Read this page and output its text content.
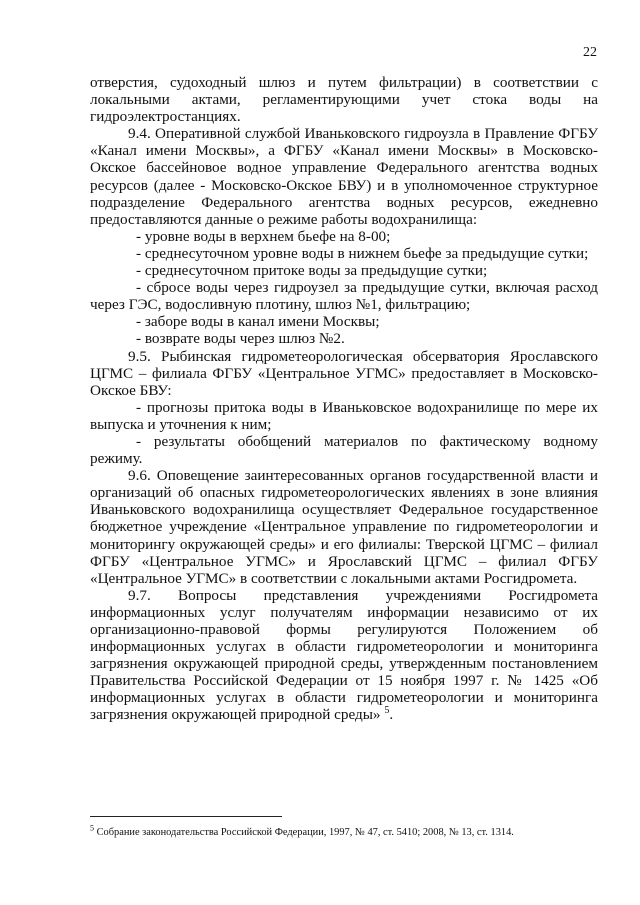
22

отверстия, судоходный шлюз и путем фильтрации) в соответствии с локальными актами, регламентирующими учет стока воды на гидроэлектростанциях.

9.4. Оперативной службой Иваньковского гидроузла в Правление ФГБУ «Канал имени Москвы», а ФГБУ «Канал имени Москвы» в Московско-Окское бассейновое водное управление Федерального агентства водных ресурсов (далее - Московско-Окское БВУ) и в уполномоченное структурное подразделение Федерального агентства водных ресурсов, ежедневно предоставляются данные о режиме работы водохранилища:

- уровне воды в верхнем бьефе на 8-00;

- среднесуточном уровне воды в нижнем бьефе за предыдущие сутки;

- среднесуточном притоке воды за предыдущие сутки;

- сбросе воды через гидроузел за предыдущие сутки, включая расход через ГЭС, водосливную плотину, шлюз №1, фильтрацию;

- заборе воды в канал имени Москвы;

- возврате воды через шлюз №2.

9.5. Рыбинская гидрометеорологическая обсерватория Ярославского ЦГМС – филиала ФГБУ «Центральное УГМС» предоставляет в Московско-Окское БВУ:

- прогнозы притока воды в Иваньковское водохранилище по мере их выпуска и уточнения к ним;

- результаты обобщений материалов по фактическому водному режиму.

9.6. Оповещение заинтересованных органов государственной власти и организаций об опасных гидрометеорологических явлениях в зоне влияния Иваньковского водохранилища осуществляет Федеральное государственное бюджетное учреждение «Центральное управление по гидрометеорологии и мониторингу окружающей среды» и его филиалы: Тверской ЦГМС – филиал ФГБУ «Центральное УГМС» и Ярославский ЦГМС – филиал ФГБУ «Центральное УГМС» в соответствии с локальными актами Росгидромета.

9.7. Вопросы представления учреждениями Росгидромета информационных услуг получателям информации независимо от их организационно-правовой формы регулируются Положением об информационных услугах в области гидрометеорологии и мониторинга загрязнения окружающей природной среды, утвержденным постановлением Правительства Российской Федерации от 15 ноября 1997 г. № 1425 «Об информационных услугах в области гидрометеорологии и мониторинга загрязнения окружающей природной среды» $^5$.

$^5$ Собрание законодательства Российской Федерации, 1997, № 47, ст. 5410; 2008, № 13, ст. 1314.
